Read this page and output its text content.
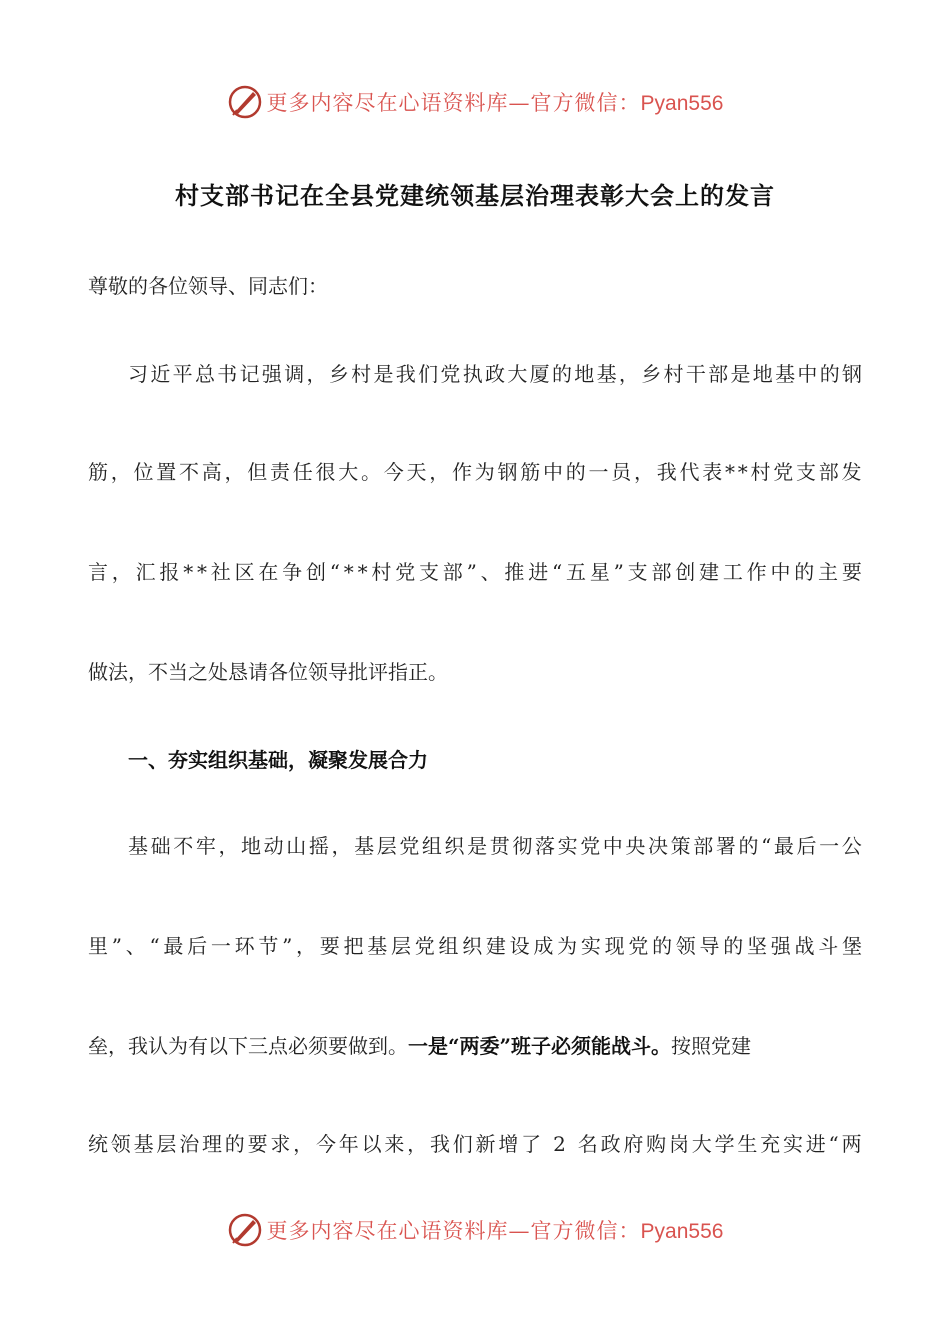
更多内容尽在心语资料库—官方微信：Pyan556
村支部书记在全县党建统领基层治理表彰大会上的发言
尊敬的各位领导、同志们：
习 近 平 总 书 记 强 调 ， 乡 村 是 我 们 党 执 政 大 厦 的 地 基 ， 乡 村 干 部 是 地 基 中 的 钢
筋 ， 位 置 不 高 ， 但 责 任 很 大 。 今 天 ， 作 为 钢 筋 中 的 一 员 ， 我 代 表 * * 村 党 支 部 发
言 ， 汇 报 * * 社 区 在 争 创 “ * * 村 党 支 部 ” 、 推 进 “ 五 星 ” 支 部 创 建 工 作 中 的 主 要
做法，不当之处恳请各位领导批评指正。
一、夯实组织基础，凝聚发展合力
基 础 不 牢 ， 地 动 山 摇 ， 基 层 党 组 织 是 贯 彻 落 实 党 中 央 决 策 部 署 的 “ 最 后 一 公
里 ” 、 “ 最 后 一 环 节 ” ， 要 把 基 层 党 组 织 建 设 成 为 实 现 党 的 领 导 的 坚 强 战 斗 堡
垒，我认为有以下三点必须要做到。一是“两委”班子必须能战斗。按照党建
统 领 基 层 治 理 的 要 求 ， 今 年 以 来 ， 我 们 新 增 了
2
名 政 府 购 岗 大 学 生 充 实 进 “ 两
更多内容尽在心语资料库—官方微信：Pyan556
